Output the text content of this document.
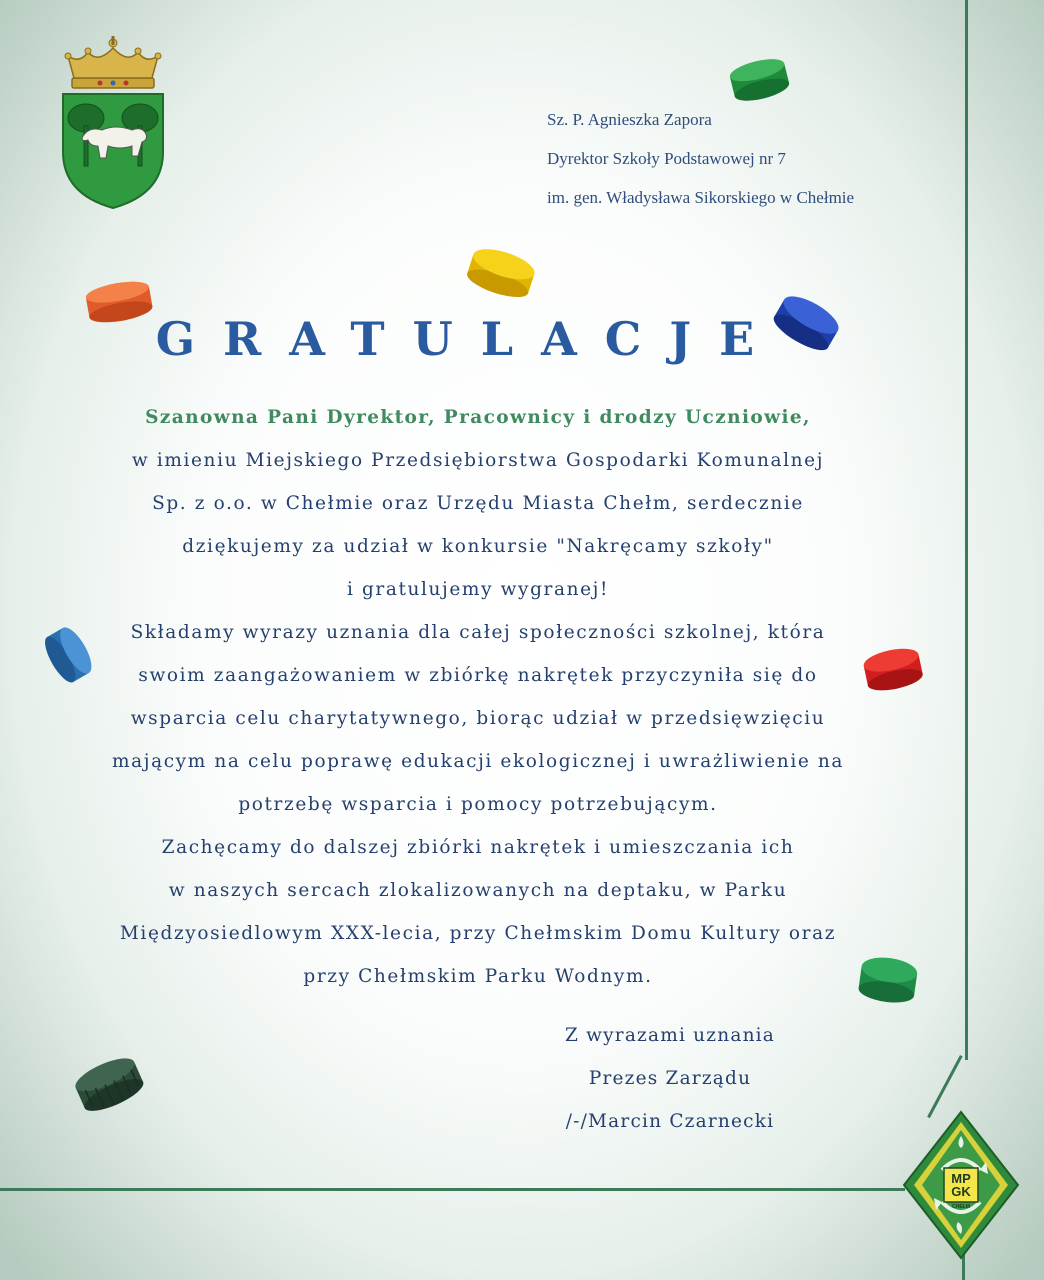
Sz. P. Agnieszka Zapora
Dyrektor Szkoły Podstawowej nr 7
im. gen. Władysława Sikorskiego w Chełmie
GRATULACJE
Szanowna Pani Dyrektor, Pracownicy i drodzy Uczniowie,
w imieniu Miejskiego Przedsiębiorstwa Gospodarki Komunalnej
Sp. z o.o. w Chełmie oraz Urzędu Miasta Chełm, serdecznie
dziękujemy za udział w konkursie "Nakręcamy szkoły"
i gratulujemy wygranej!
Składamy wyrazy uznania dla całej społeczności szkolnej, która
swoim zaangażowaniem w zbiórkę nakrętek przyczyniła się do
wsparcia celu charytatywnego, biorąc udział w przedsięwzięciu
mającym na celu poprawę edukacji ekologicznej i uwrażliwienie na
potrzebę wsparcia i pomocy potrzebującym.
Zachęcamy do dalszej zbiórki nakrętek i umieszczania ich
w naszych sercach zlokalizowanych na deptaku, w Parku
Międzyosiedlowym XXX-lecia, przy Chełmskim Domu Kultury oraz
przy Chełmskim Parku Wodnym.
Z wyrazami uznania
Prezes Zarządu
/-/Marcin Czarnecki
MP
GK
CHEŁM
